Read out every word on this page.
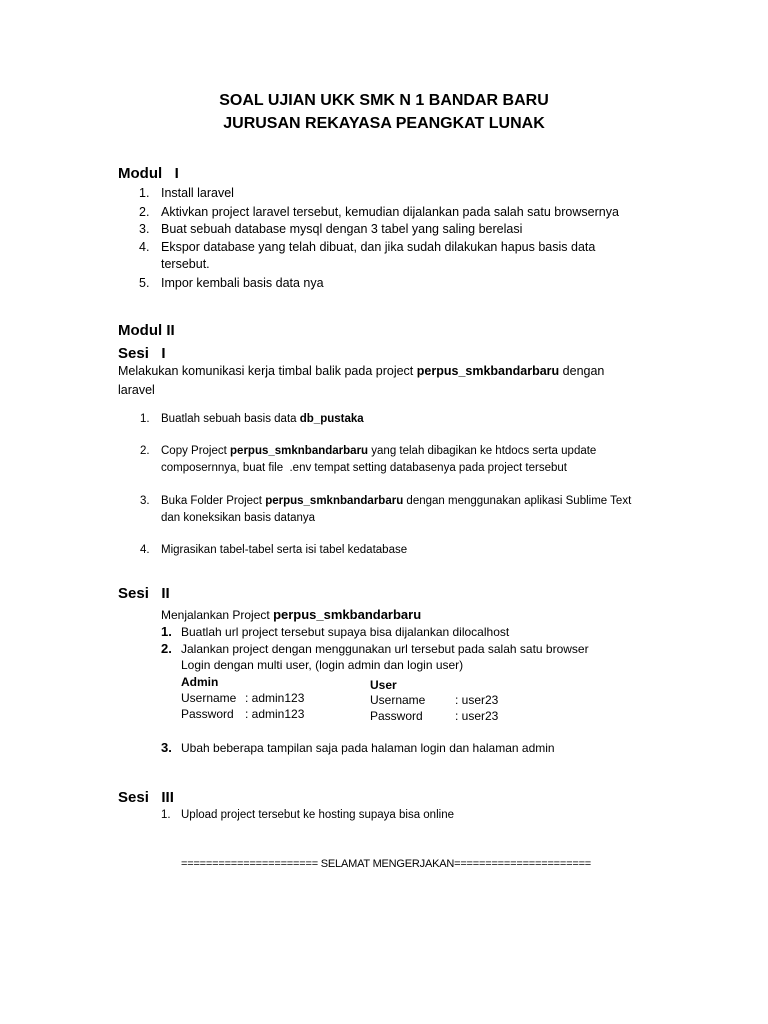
SOAL UJIAN UKK SMK N 1 BANDAR BARU
JURUSAN REKAYASA PEANGKAT LUNAK
Modul   I
1. Install laravel
2. Aktivkan project laravel tersebut, kemudian dijalankan pada salah satu browsernya
3. Buat sebuah database mysql dengan 3 tabel yang saling berelasi
4. Ekspor database yang telah dibuat, dan jika sudah dilakukan hapus basis data
tersebut.
5. Impor kembali basis data nya
Modul II
Sesi   I
Melakukan komunikasi kerja timbal balik pada project perpus_smkbandarbaru dengan
laravel
1. Buatlah sebuah basis data db_pustaka
2. Copy Project perpus_smknbandarbaru yang telah dibagikan ke htdocs serta update
composernnya, buat file  .env tempat setting databasenya pada project tersebut
3. Buka Folder Project perpus_smknbandarbaru dengan menggunakan aplikasi Sublime Text
dan koneksikan basis datanya
4. Migrasikan tabel-tabel serta isi tabel kedatabase
Sesi   II
Menjalankan Project perpus_smkbandarbaru
1. Buatlah url project tersebut supaya bisa dijalankan dilocalhost
2. Jalankan project dengan menggunakan url tersebut pada salah satu browser
Login dengan multi user, (login admin dan login user)
Admin
Username : admin123
Password : admin123
User
Username : user23
Password	: user23
3. Ubah beberapa tampilan saja pada halaman login dan halaman admin
Sesi   III
1. Upload project tersebut ke hosting supaya bisa online
====================== SELAMAT MENGERJAKAN======================
